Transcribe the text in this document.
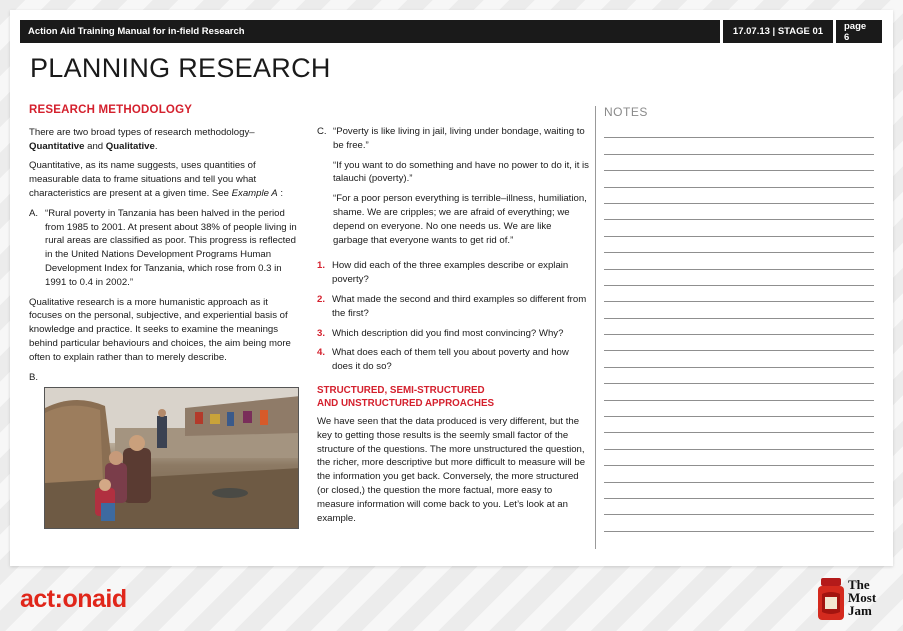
Action Aid Training Manual for in-field Research	17.07.13 | STAGE 01	page 6
PLANNING RESEARCH
RESEARCH METHODOLOGY

There are two broad types of research methodology–Quantitative and Qualitative.

Quantitative, as its name suggests, uses quantities of measurable data to frame situations and tell you what characteristics are present at a given time. See Example A :

A. “Rural poverty in Tanzania has been halved in the period from 1985 to 2001. At present about 38% of people living in rural areas are classified as poor. This progress is reflected in the United Nations Development Programs Human Development Index for Tanzania, which rose from 0.3 in 1991 to 0.4 in 2002.”

Qualitative research is a more humanistic approach as it focuses on the personal, subjective, and experiential basis of knowledge and practice. It seeks to examine the meanings behind particular behaviours and choices, the aim being more often to explain rather than to merely describe.

B.
C. “Poverty is like living in jail, living under bondage, waiting to be free.”

“If you want to do something and have no power to do it, it is talauchi (poverty).”

“For a poor person everything is terrible–illness, humiliation, shame. We are cripples; we are afraid of everything; we depend on everyone. No one needs us. We are like garbage that everyone wants to get rid of.”

1. How did each of the three examples describe or explain poverty?
2. What made the second and third examples so different from the first?
3. Which description did you find most convincing? Why?
4. What does each of them tell you about poverty and how does it do so?
STRUCTURED, SEMI-STRUCTURED
AND UNSTRUCTURED APPROACHES

We have seen that the data produced is very different, but the key to getting those results is the seemly small factor of the structure of the questions. The more unstructured the question, the richer, more descriptive but more difficult to measure will be the information you get back. Conversely, the more structured (or closed,) the question the more factual, more easy to measure information will come back to you. Let’s look at an example.

NOTES
act:onaid
The
Most
Jam
